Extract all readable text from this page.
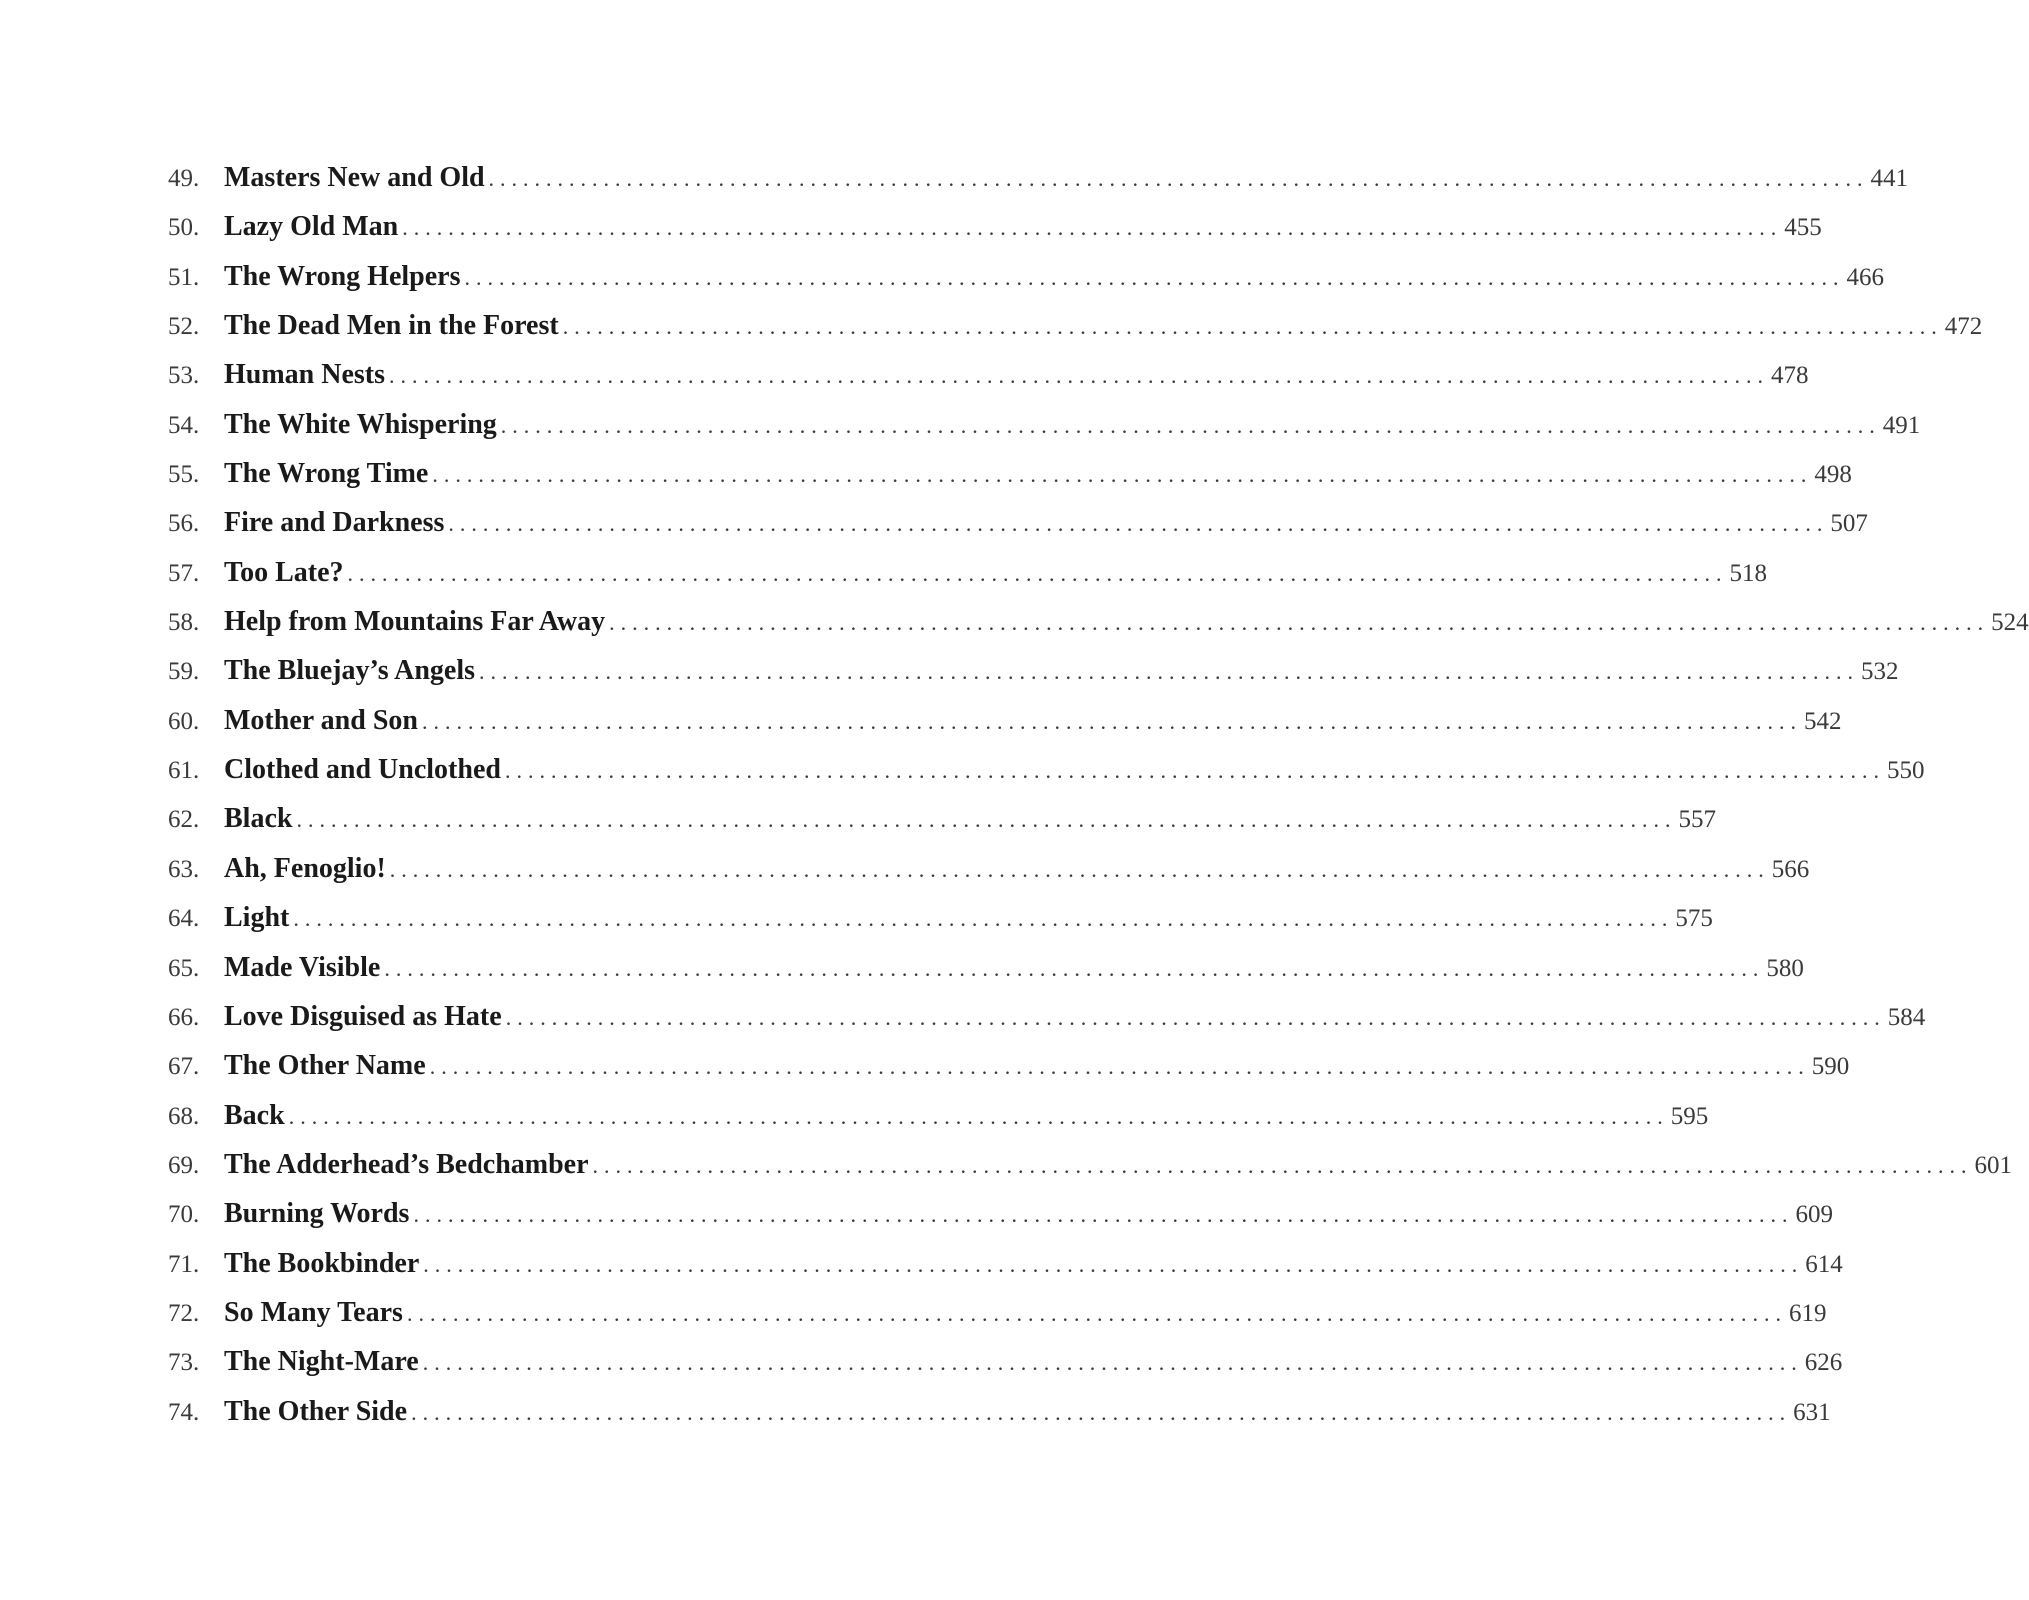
49. Masters New and Old ........................................................................................................................ 441
50. Lazy Old Man ........................................................................................................................ 455
51. The Wrong Helpers ........................................................................................................................ 466
52. The Dead Men in the Forest ........................................................................................................................ 472
53. Human Nests ........................................................................................................................ 478
54. The White Whispering ........................................................................................................................ 491
55. The Wrong Time ........................................................................................................................ 498
56. Fire and Darkness ........................................................................................................................ 507
57. Too Late? ........................................................................................................................ 518
58. Help from Mountains Far Away ........................................................................................................................ 524
59. The Bluejay’s Angels ........................................................................................................................ 532
60. Mother and Son ........................................................................................................................ 542
61. Clothed and Unclothed ........................................................................................................................ 550
62. Black ........................................................................................................................ 557
63. Ah, Fenoglio! ........................................................................................................................ 566
64. Light ........................................................................................................................ 575
65. Made Visible ........................................................................................................................ 580
66. Love Disguised as Hate ........................................................................................................................ 584
67. The Other Name ........................................................................................................................ 590
68. Back ........................................................................................................................ 595
69. The Adderhead’s Bedchamber ........................................................................................................................ 601
70. Burning Words ........................................................................................................................ 609
71. The Bookbinder ........................................................................................................................ 614
72. So Many Tears ........................................................................................................................ 619
73. The Night-Mare ........................................................................................................................ 626
74. The Other Side ........................................................................................................................ 631
